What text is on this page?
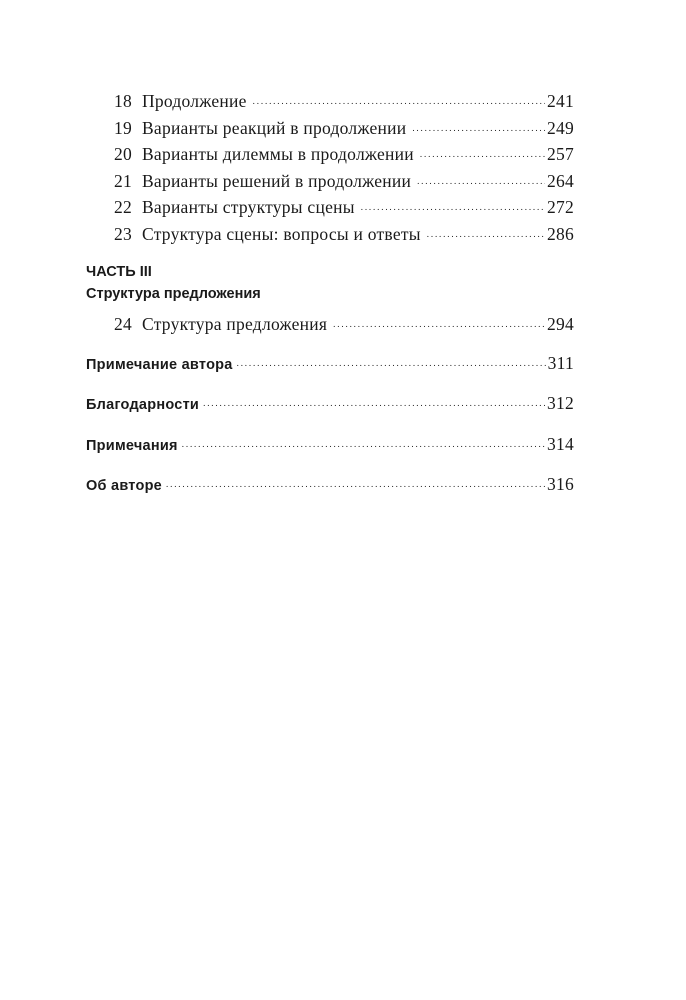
18 Продолжение . . .	241
19 Варианты реакций в продолжении . . .	249
20 Варианты дилеммы в продолжении . . .	257
21 Варианты решений в продолжении . . .	264
22 Варианты структуры сцены . . .	272
23 Структура сцены: вопросы и ответы . . .	286
ЧАСТЬ III
Структура предложения
24 Структура предложения . . .	294
Примечание автора . . .	311
Благодарности . . .	312
Примечания . . .	314
Об авторе . . .	316
